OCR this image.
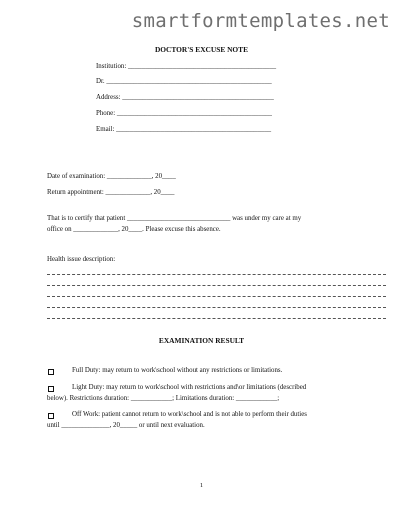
smartformtemplates.net
DOCTOR'S EXCUSE NOTE
Institution: ___________________________________________
Dr. ________________________________________________
Address: ____________________________________________
Phone: _____________________________________________
Email: _____________________________________________
Date of examination: _____________, 20____
Return appointment: _____________, 20____
That is to certify that patient ______________________________ was under my care at my
office on _____________, 20____. Please excuse this absence.
Health issue description:
EXAMINATION RESULT
Full Duty: may return to work\school without any restrictions or limitations.
Light Duty: may return to work\school with restrictions and\or limitations (described
below). Restrictions duration: ____________; Limitations duration: ____________;
Off Work: patient cannot return to work\school and is not able to perform their duties
until ______________, 20_____ or until next evaluation.
1
